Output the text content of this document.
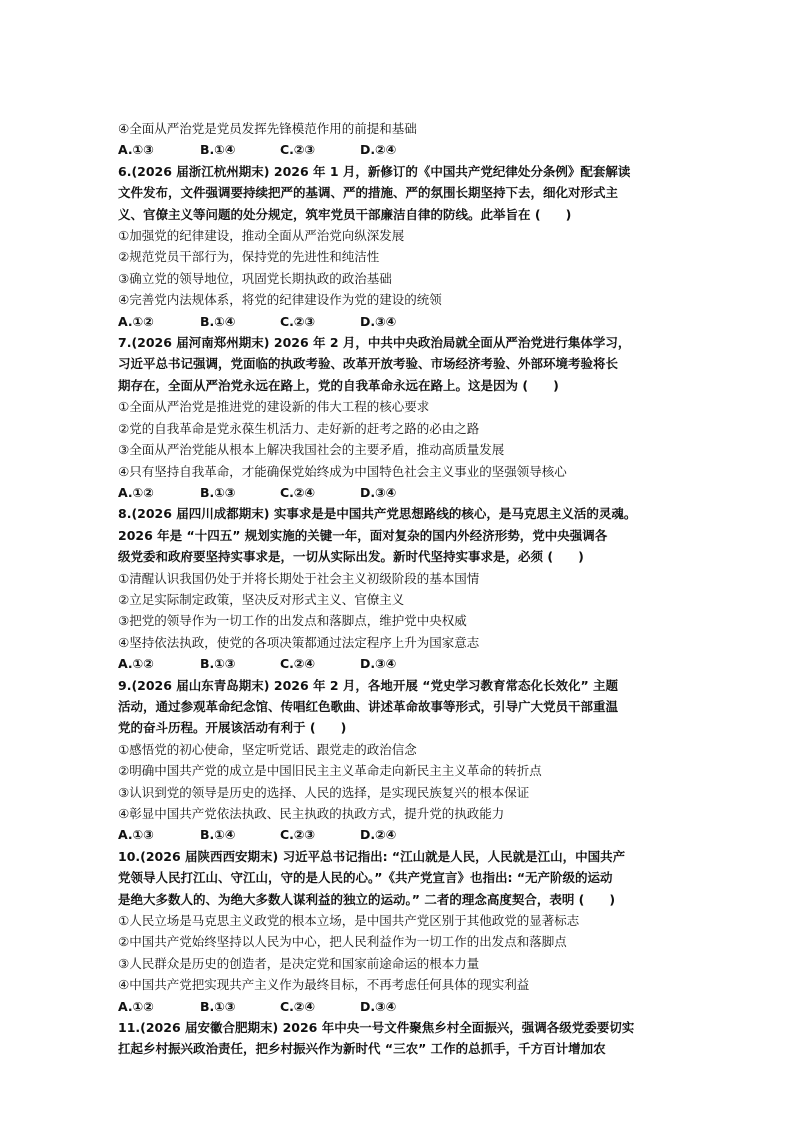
④全面从严治党是党员发挥先锋模范作用的前提和基础
A.①③	B.①④	C.②③	D.②④
6.(2026 届浙江杭州期末) 2026 年 1 月，新修订的《中国共产党纪律处分条例》配套解读
文件发布，文件强调要持续把严的基调、严的措施、严的氛围长期坚持下去，细化对形式主
义、官僚主义等问题的处分规定，筑牢党员干部廉洁自律的防线。此举旨在 (　　)
①加强党的纪律建设，推动全面从严治党向纵深发展
②规范党员干部行为，保持党的先进性和纯洁性
③确立党的领导地位，巩固党长期执政的政治基础
④完善党内法规体系，将党的纪律建设作为党的建设的统领
A.①②	B.①④	C.②③	D.③④
7.(2026 届河南郑州期末) 2026 年 2 月，中共中央政治局就全面从严治党进行集体学习，
习近平总书记强调，党面临的执政考验、改革开放考验、市场经济考验、外部环境考验将长
期存在，全面从严治党永远在路上，党的自我革命永远在路上。这是因为 (　　)
①全面从严治党是推进党的建设新的伟大工程的核心要求
②党的自我革命是党永葆生机活力、走好新的赶考之路的必由之路
③全面从严治党能从根本上解决我国社会的主要矛盾，推动高质量发展
④只有坚持自我革命，才能确保党始终成为中国特色社会主义事业的坚强领导核心
A.①②	B.①③	C.②④	D.③④
8.(2026 届四川成都期末) 实事求是是中国共产党思想路线的核心，是马克思主义活的灵魂。
2026 年是 “十四五” 规划实施的关键一年，面对复杂的国内外经济形势，党中央强调各
级党委和政府要坚持实事求是，一切从实际出发。新时代坚持实事求是，必须 (　　)
①清醒认识我国仍处于并将长期处于社会主义初级阶段的基本国情
②立足实际制定政策，坚决反对形式主义、官僚主义
③把党的领导作为一切工作的出发点和落脚点，维护党中央权威
④坚持依法执政，使党的各项决策都通过法定程序上升为国家意志
A.①②	B.①③	C.②④	D.③④
9.(2026 届山东青岛期末) 2026 年 2 月，各地开展 “党史学习教育常态化长效化” 主题
活动，通过参观革命纪念馆、传唱红色歌曲、讲述革命故事等形式，引导广大党员干部重温
党的奋斗历程。开展该活动有利于 (　　)
①感悟党的初心使命，坚定听党话、跟党走的政治信念
②明确中国共产党的成立是中国旧民主主义革命走向新民主主义革命的转折点
③认识到党的领导是历史的选择、人民的选择，是实现民族复兴的根本保证
④彰显中国共产党依法执政、民主执政的执政方式，提升党的执政能力
A.①③	B.①④	C.②③	D.②④
10.(2026 届陕西西安期末) 习近平总书记指出: “江山就是人民，人民就是江山，中国共产
党领导人民打江山、守江山，守的是人民的心。”《共产党宣言》也指出: “无产阶级的运动
是绝大多数人的、为绝大多数人谋利益的独立的运动。” 二者的理念高度契合，表明 (　　)
①人民立场是马克思主义政党的根本立场，是中国共产党区别于其他政党的显著标志
②中国共产党始终坚持以人民为中心，把人民利益作为一切工作的出发点和落脚点
③人民群众是历史的创造者，是决定党和国家前途命运的根本力量
④中国共产党把实现共产主义作为最终目标，不再考虑任何具体的现实利益
A.①②	B.①③	C.②④	D.③④
11.(2026 届安徽合肥期末) 2026 年中央一号文件聚焦乡村全面振兴，强调各级党委要切实
扛起乡村振兴政治责任，把乡村振兴作为新时代 “三农” 工作的总抓手，千方百计增加农
